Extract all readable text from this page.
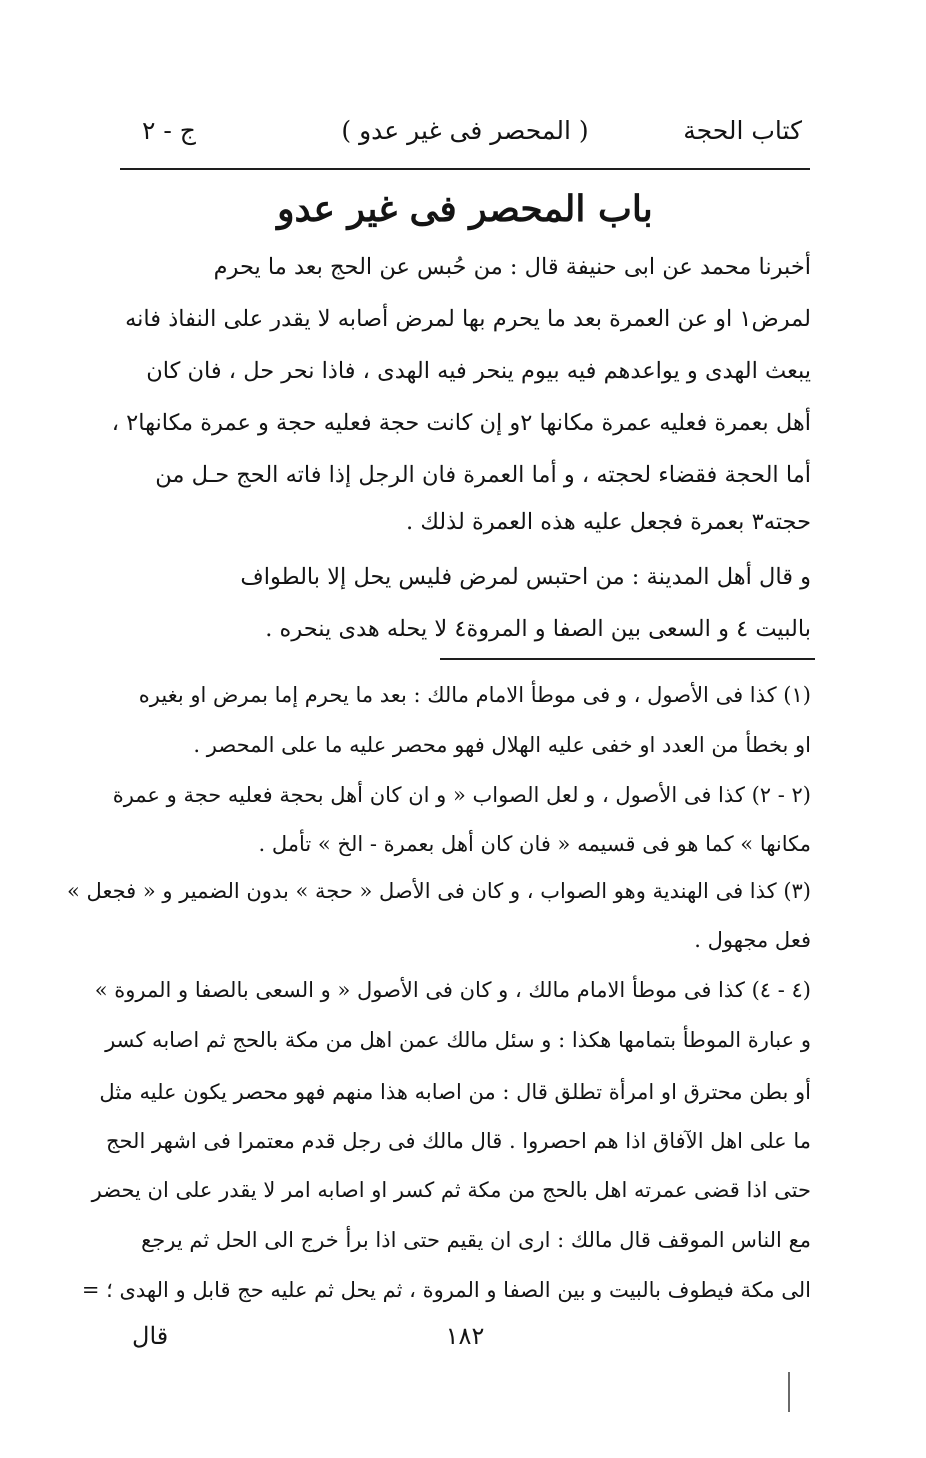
كتاب الحجة
( المحصر فى غير عدو )
ج - ٢
باب المحصر فى غير عدو
أخبرنا محمد عن ابى حنيفة قال : من حُبس عن الحج بعد ما يحرم
لمرض١ او عن العمرة بعد ما يحرم بها لمرض أصابه لا يقدر على النفاذ فانه
يبعث الهدى و يواعدهم فيه بيوم ينحر فيه الهدى ، فاذا نحر حل ، فان كان
أهل بعمرة فعليه عمرة مكانها ٢و إن كانت حجة فعليه حجة و عمرة مكانها٢ ،
أما الحجة فقضاء لحجته ، و أما العمرة فان الرجل إذا فاته الحج حـل من
حجته٣ بعمرة فجعل عليه هذه العمرة لذلك .
و قال أهل المدينة : من احتبس لمرض فليس يحل إلا بالطواف
بالبيت ٤ و السعى بين الصفا و المروة٤ لا يحله هدى ينحره .
(١) كذا فى الأصول ، و فى موطأ الامام مالك : بعد ما يحرم إما بمرض او بغيره
او بخطأ من العدد او خفى عليه الهلال فهو محصر عليه ما على المحصر .
(٢ - ٢) كذا فى الأصول ، و لعل الصواب « و ان كان أهل بحجة فعليه حجة و عمرة
مكانها » كما هو فى قسيمه « فان كان أهل بعمرة - الخ » تأمل .
(٣) كذا فى الهندية وهو الصواب ، و كان فى الأصل « حجة » بدون الضمير و « فجعل »
فعل مجهول .
(٤ - ٤) كذا فى موطأ الامام مالك ، و كان فى الأصول « و السعى بالصفا و المروة »
و عبارة الموطأ بتمامها هكذا : و سئل مالك عمن اهل من مكة بالحج ثم اصابه كسر
أو بطن محترق او امرأة تطلق قال : من اصابه هذا منهم فهو محصر يكون عليه مثل
ما على اهل الآفاق اذا هم احصروا . قال مالك فى رجل قدم معتمرا فى اشهر الحج
حتى اذا قضى عمرته اهل بالحج من مكة ثم كسر او اصابه امر لا يقدر على ان يحضر
مع الناس الموقف قال مالك : ارى ان يقيم حتى اذا برأ خرج الى الحل ثم يرجع
الى مكة فيطوف بالبيت و بين الصفا و المروة ، ثم يحل ثم عليه حج قابل و الهدى ؛ =
١٨٢
قال
